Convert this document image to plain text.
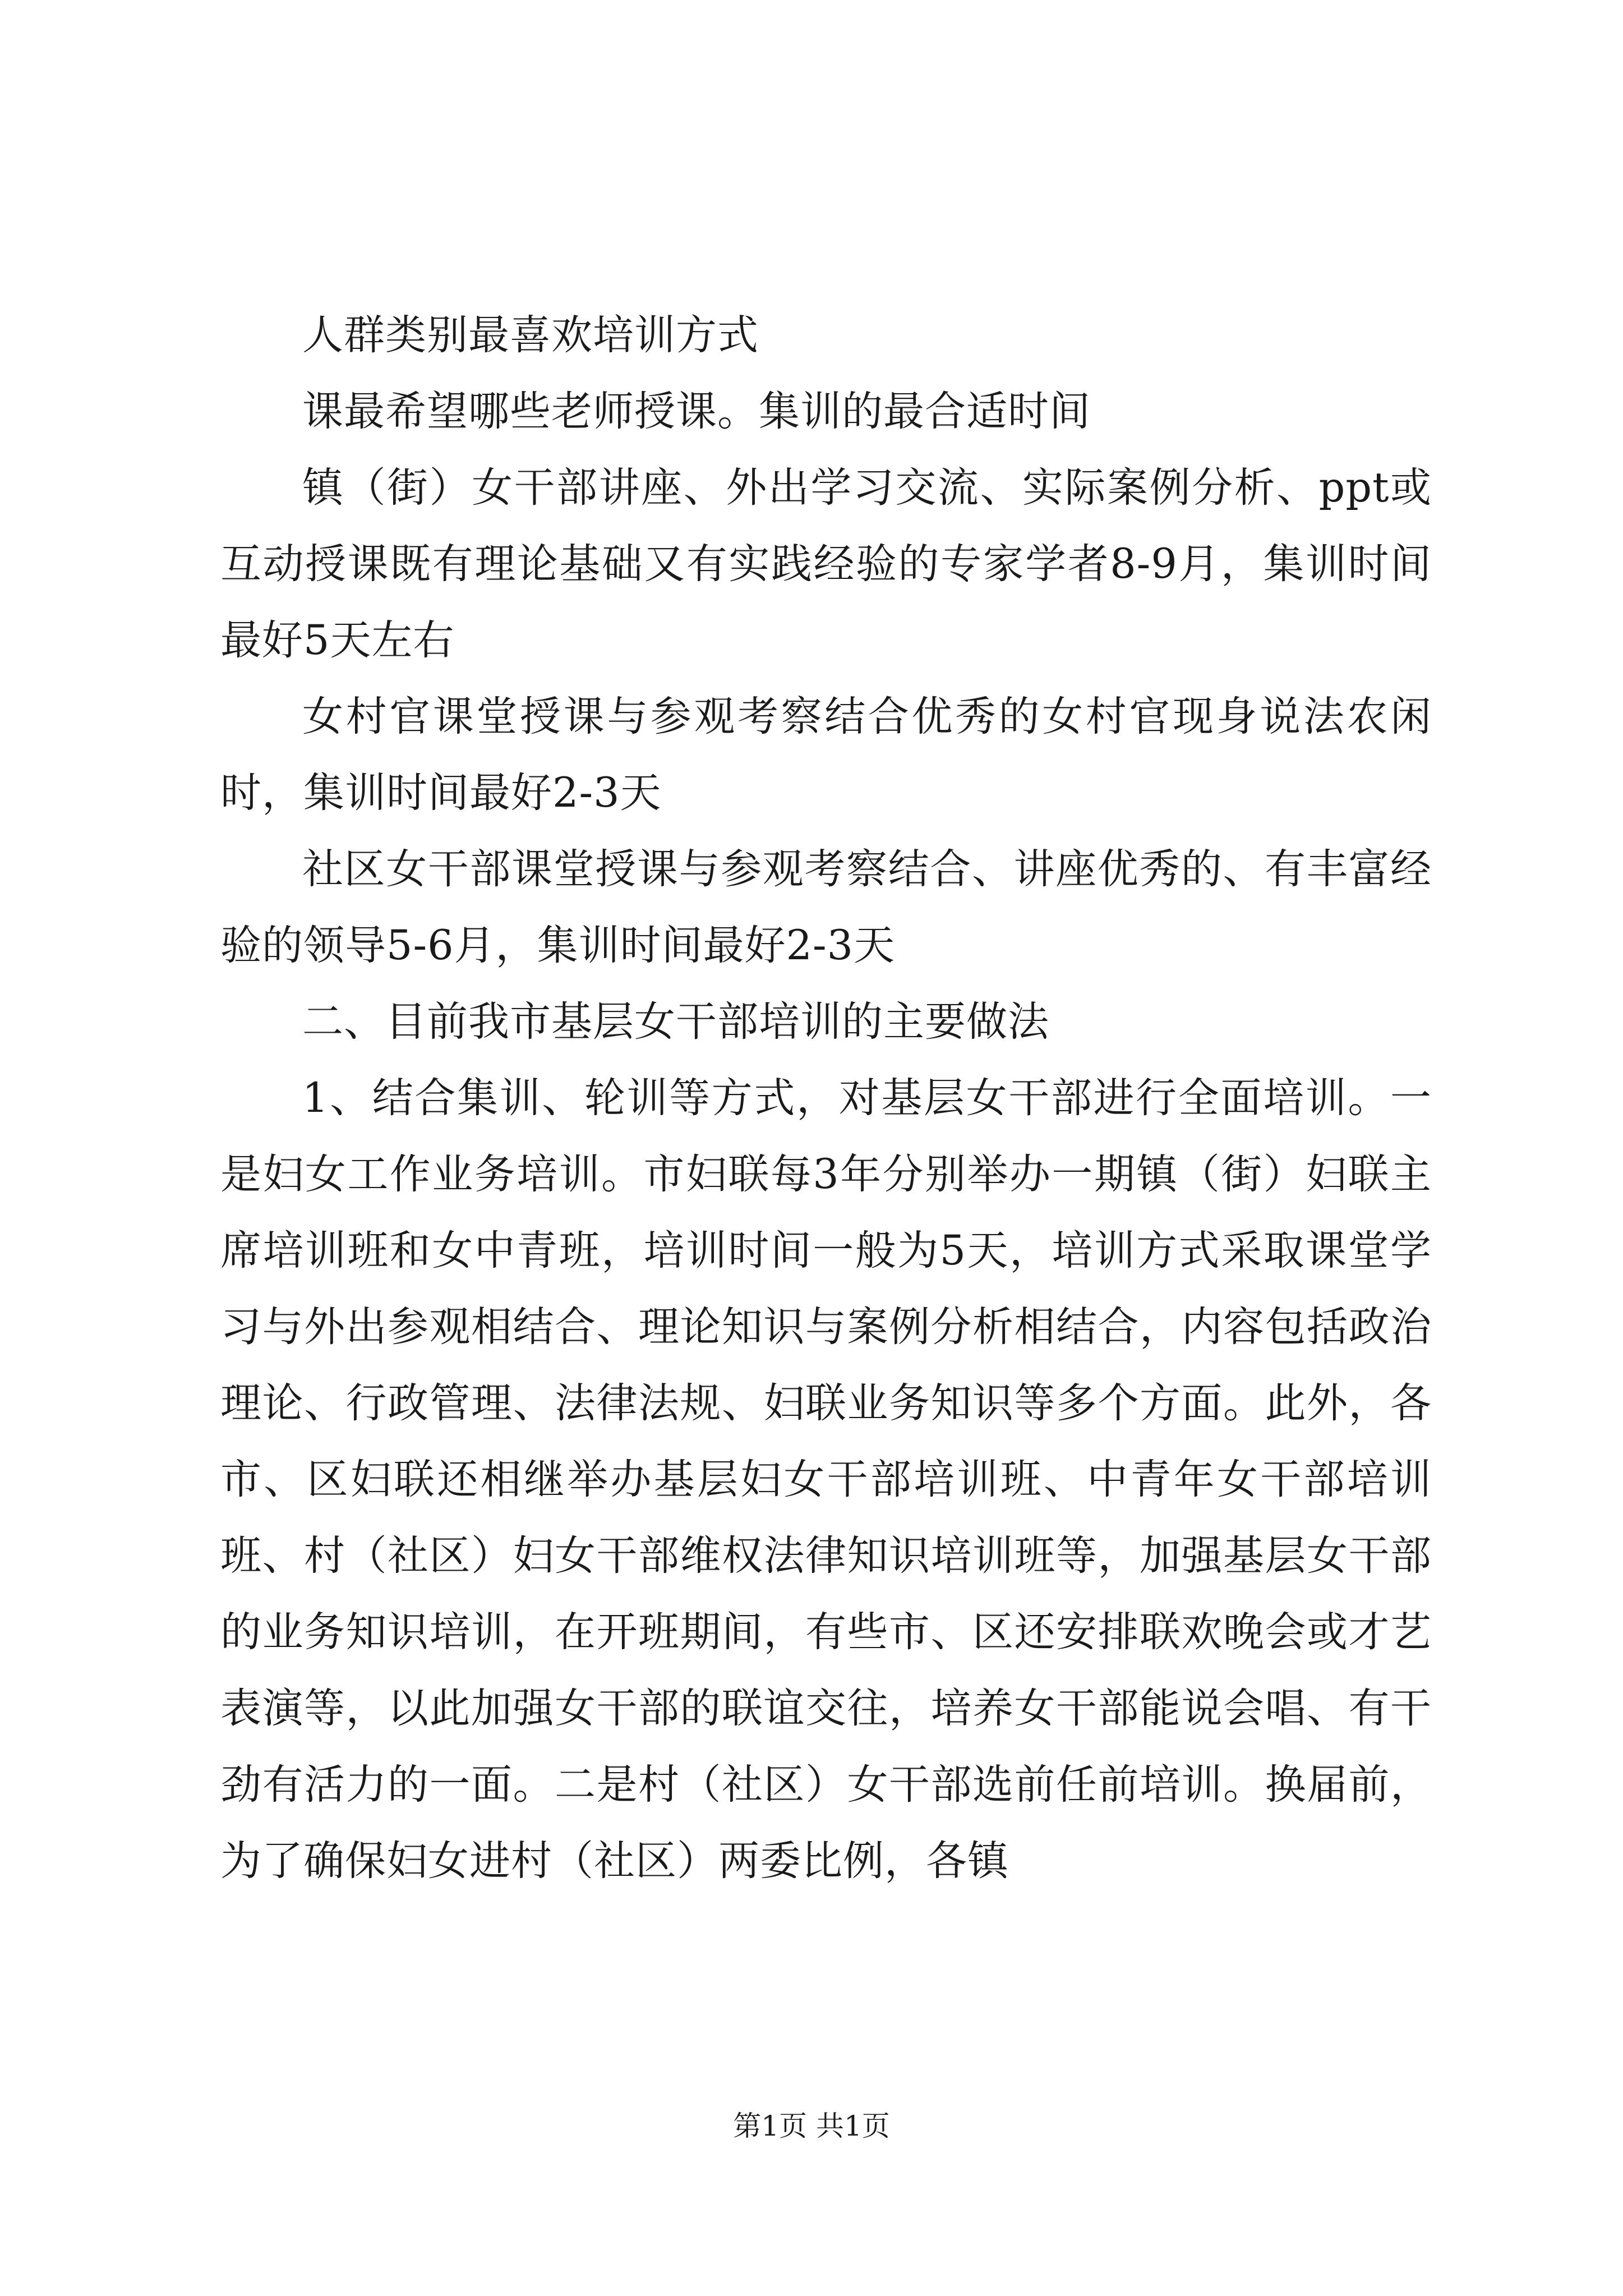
人群类别最喜欢培训方式

课最希望哪些老师授课。集训的最合适时间

镇（街）女干部讲座、外出学习交流、实际案例分析、ppt或互动授课既有理论基础又有实践经验的专家学者8-9月，集训时间最好5天左右

女村官课堂授课与参观考察结合优秀的女村官现身说法农闲时，集训时间最好2-3天

社区女干部课堂授课与参观考察结合、讲座优秀的、有丰富经验的领导5-6月，集训时间最好2-3天

二、目前我市基层女干部培训的主要做法

1、结合集训、轮训等方式，对基层女干部进行全面培训。一是妇女工作业务培训。市妇联每3年分别举办一期镇（街）妇联主席培训班和女中青班，培训时间一般为5天，培训方式采取课堂学习与外出参观相结合、理论知识与案例分析相结合，内容包括政治理论、行政管理、法律法规、妇联业务知识等多个方面。此外，各市、区妇联还相继举办基层妇女干部培训班、中青年女干部培训班、村（社区）妇女干部维权法律知识培训班等，加强基层女干部的业务知识培训，在开班期间，有些市、区还安排联欢晚会或才艺表演等，以此加强女干部的联谊交往，培养女干部能说会唱、有干劲有活力的一面。二是村（社区）女干部选前任前培训。换届前，为了确保妇女进村（社区）两委比例，各镇

第1页 共1页
